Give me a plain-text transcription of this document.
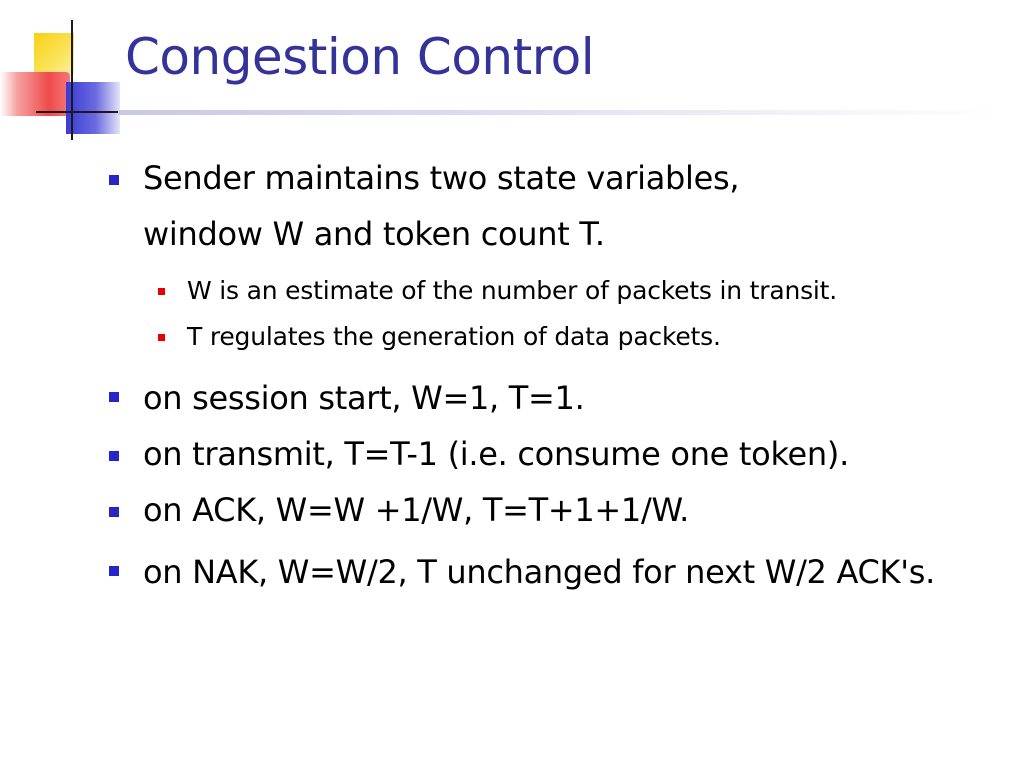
Congestion Control
Sender maintains two state variables,
window W and token count T.
W is an estimate of the number of packets in transit.
T regulates the generation of data packets.
on session start, W=1, T=1.
on transmit, T=T-1 (i.e. consume one token).
on ACK, W=W +1/W, T=T+1+1/W.
on NAK, W=W/2, T unchanged for next W/2 ACK's.
